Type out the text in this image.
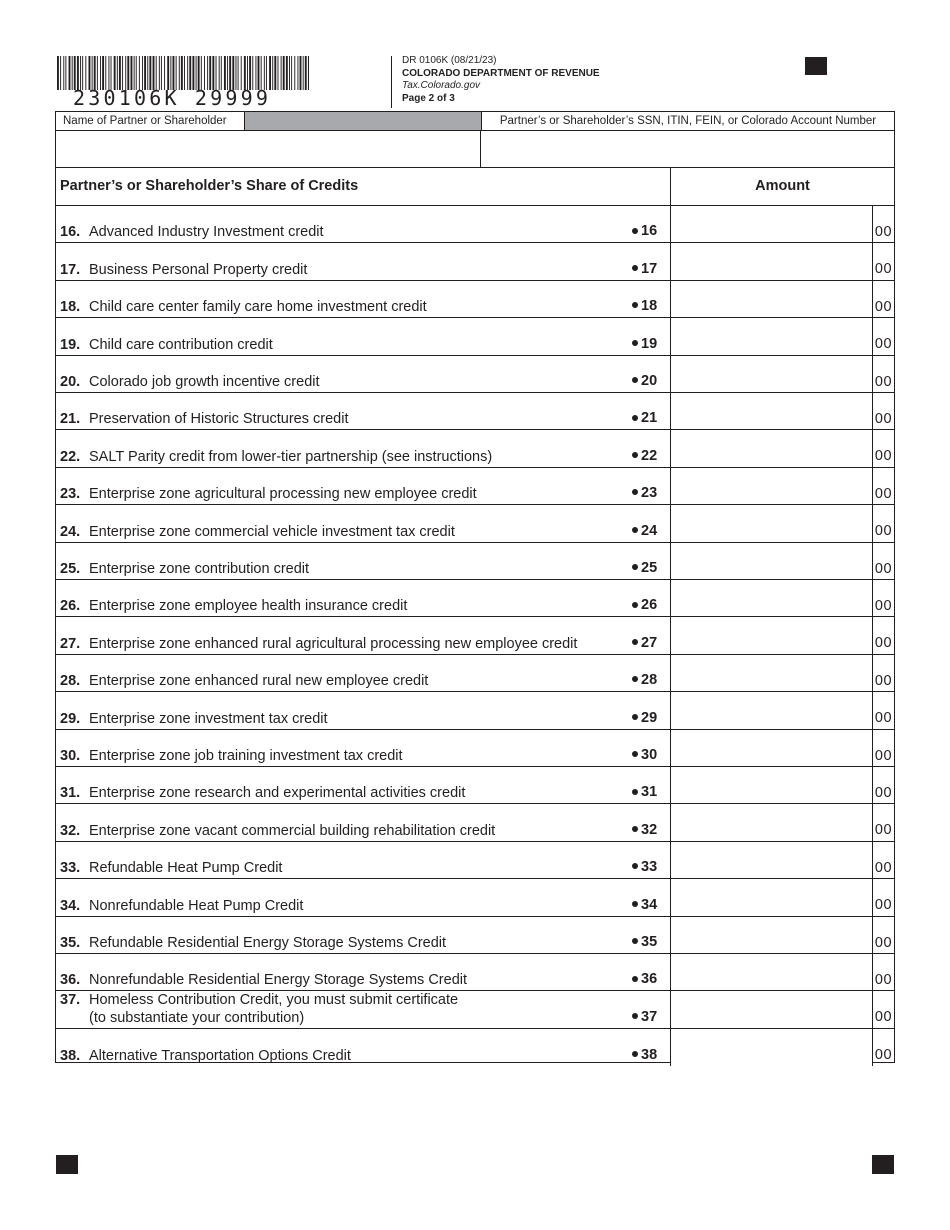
230106K 29999
DR 0106K (08/21/23)
COLORADO DEPARTMENT OF REVENUE
Tax.Colorado.gov
Page 2 of 3
Name of Partner or Shareholder	Partner’s or Shareholder’s SSN, ITIN, FEIN, or Colorado Account Number
Partner’s or Shareholder’s Share of Credits	Amount
16. Advanced Industry Investment credit	16	00
17. Business Personal Property credit	17	00
18. Child care center family care home investment credit	18	00
19. Child care contribution credit	19	00
20. Colorado job growth incentive credit	20	00
21. Preservation of Historic Structures credit	21	00
22. SALT Parity credit from lower-tier partnership (see instructions)	22	00
23. Enterprise zone agricultural processing new employee credit	23	00
24. Enterprise zone commercial vehicle investment tax credit	24	00
25. Enterprise zone contribution credit	25	00
26. Enterprise zone employee health insurance credit	26	00
27. Enterprise zone enhanced rural agricultural processing new employee credit	27	00
28. Enterprise zone enhanced rural new employee credit	28	00
29. Enterprise zone investment tax credit	29	00
30. Enterprise zone job training investment tax credit	30	00
31. Enterprise zone research and experimental activities credit	31	00
32. Enterprise zone vacant commercial building rehabilitation credit	32	00
33. Refundable Heat Pump Credit	33	00
34. Nonrefundable Heat Pump Credit	34	00
35. Refundable Residential Energy Storage Systems Credit	35	00
36. Nonrefundable Residential Energy Storage Systems Credit	36	00
37. Homeless Contribution Credit, you must submit certificate
(to substantiate your contribution)	37	00
38. Alternative Transportation Options Credit	38	00
